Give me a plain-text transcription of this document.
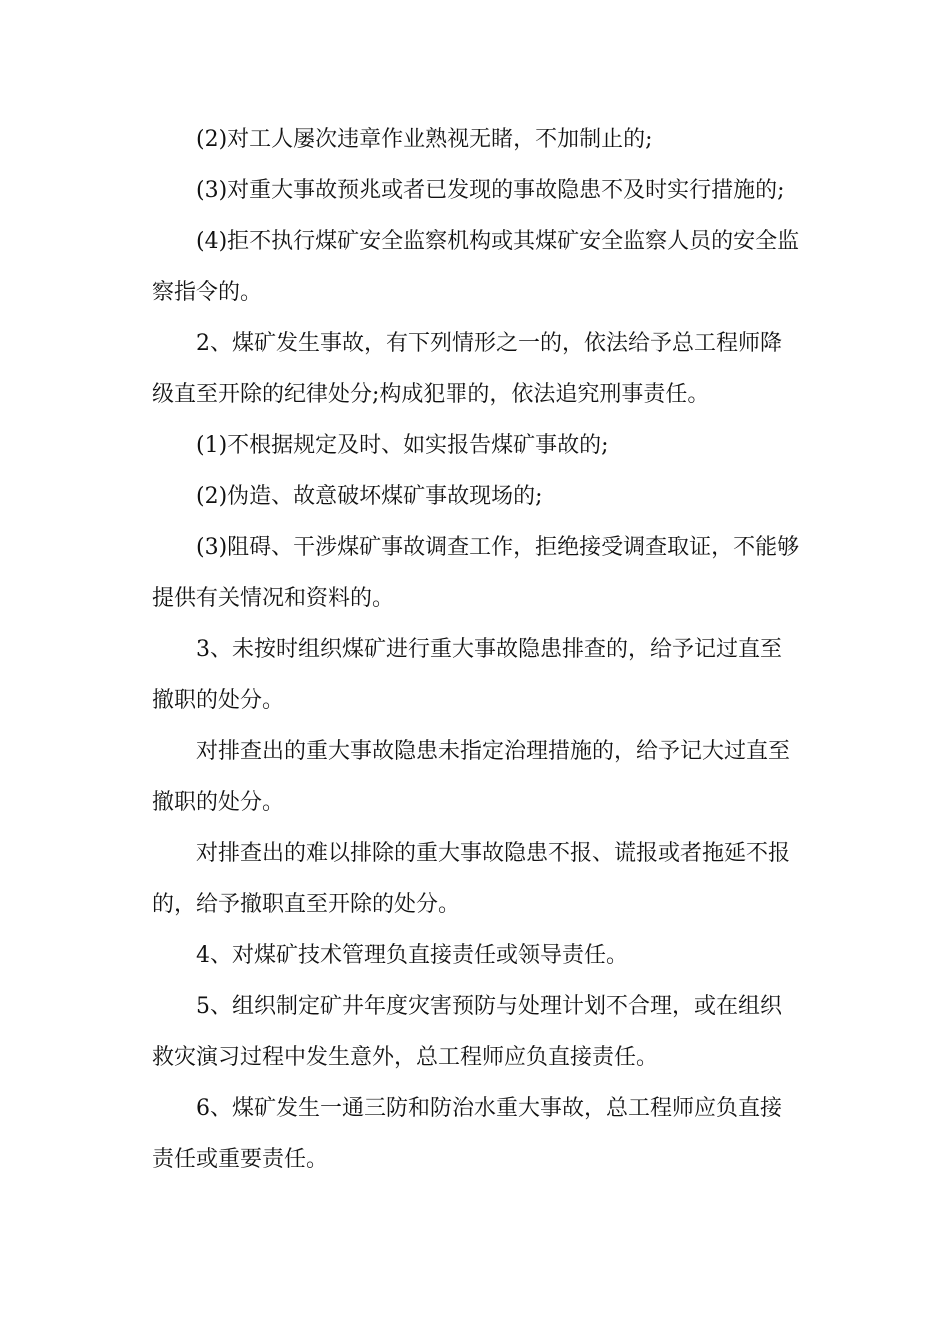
(2)对工人屡次违章作业熟视无睹，不加制止的;

(3)对重大事故预兆或者已发现的事故隐患不及时实行措施的;

(4)拒不执行煤矿安全监察机构或其煤矿安全监察人员的安全监察指令的。

2、煤矿发生事故，有下列情形之一的，依法给予总工程师降级直至开除的纪律处分;构成犯罪的，依法追究刑事责任。

(1)不根据规定及时、如实报告煤矿事故的;

(2)伪造、故意破坏煤矿事故现场的;

(3)阻碍、干涉煤矿事故调查工作，拒绝接受调查取证，不能够提供有关情况和资料的。

3、未按时组织煤矿进行重大事故隐患排查的，给予记过直至撤职的处分。

对排查出的重大事故隐患未指定治理措施的，给予记大过直至撤职的处分。

对排查出的难以排除的重大事故隐患不报、谎报或者拖延不报的，给予撤职直至开除的处分。

4、对煤矿技术管理负直接责任或领导责任。

5、组织制定矿井年度灾害预防与处理计划不合理，或在组织救灾演习过程中发生意外，总工程师应负直接责任。

6、煤矿发生一通三防和防治水重大事故，总工程师应负直接责任或重要责任。
